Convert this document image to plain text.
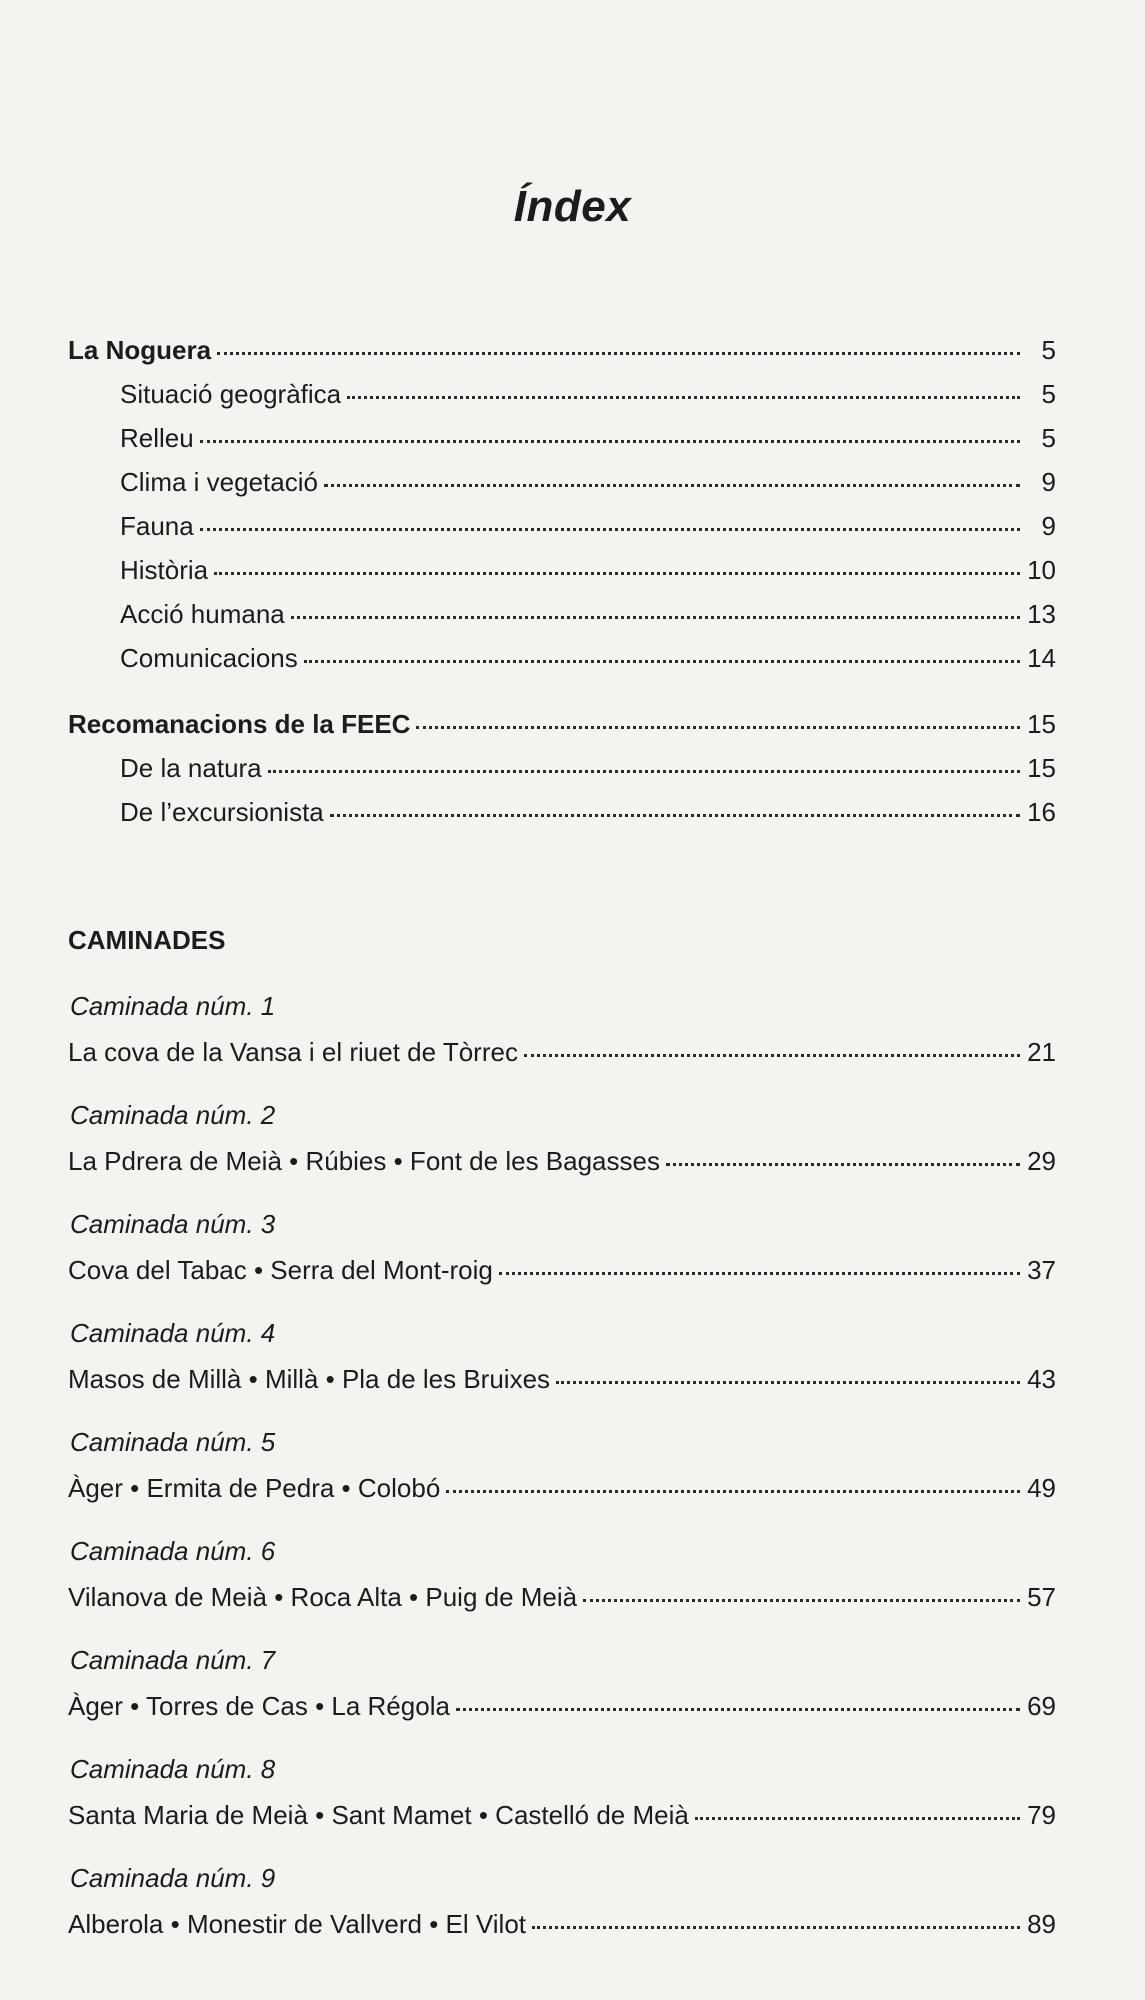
Índex
La Noguera	5
Situació geogràfica	5
Relleu	5
Clima i vegetació	9
Fauna	9
Història	10
Acció humana	13
Comunicacions	14
Recomanacions de la FEEC	15
De la natura	15
De l’excursionista	16
CAMINADES
Caminada núm. 1
La cova de la Vansa i el riuet de Tòrrec	21
Caminada núm. 2
La Pdrera de Meià • Rúbies • Font de les Bagasses	29
Caminada núm. 3
Cova del Tabac • Serra del Mont-roig	37
Caminada núm. 4
Masos de Millà • Millà • Pla de les Bruixes	43
Caminada núm. 5
Àger • Ermita de Pedra • Colobó	49
Caminada núm. 6
Vilanova de Meià • Roca Alta • Puig de Meià	57
Caminada núm. 7
Àger • Torres de Cas • La Régola	69
Caminada núm. 8
Santa Maria de Meià • Sant Mamet • Castelló de Meià	79
Caminada núm. 9
Alberola • Monestir de Vallverd • El Vilot	89
